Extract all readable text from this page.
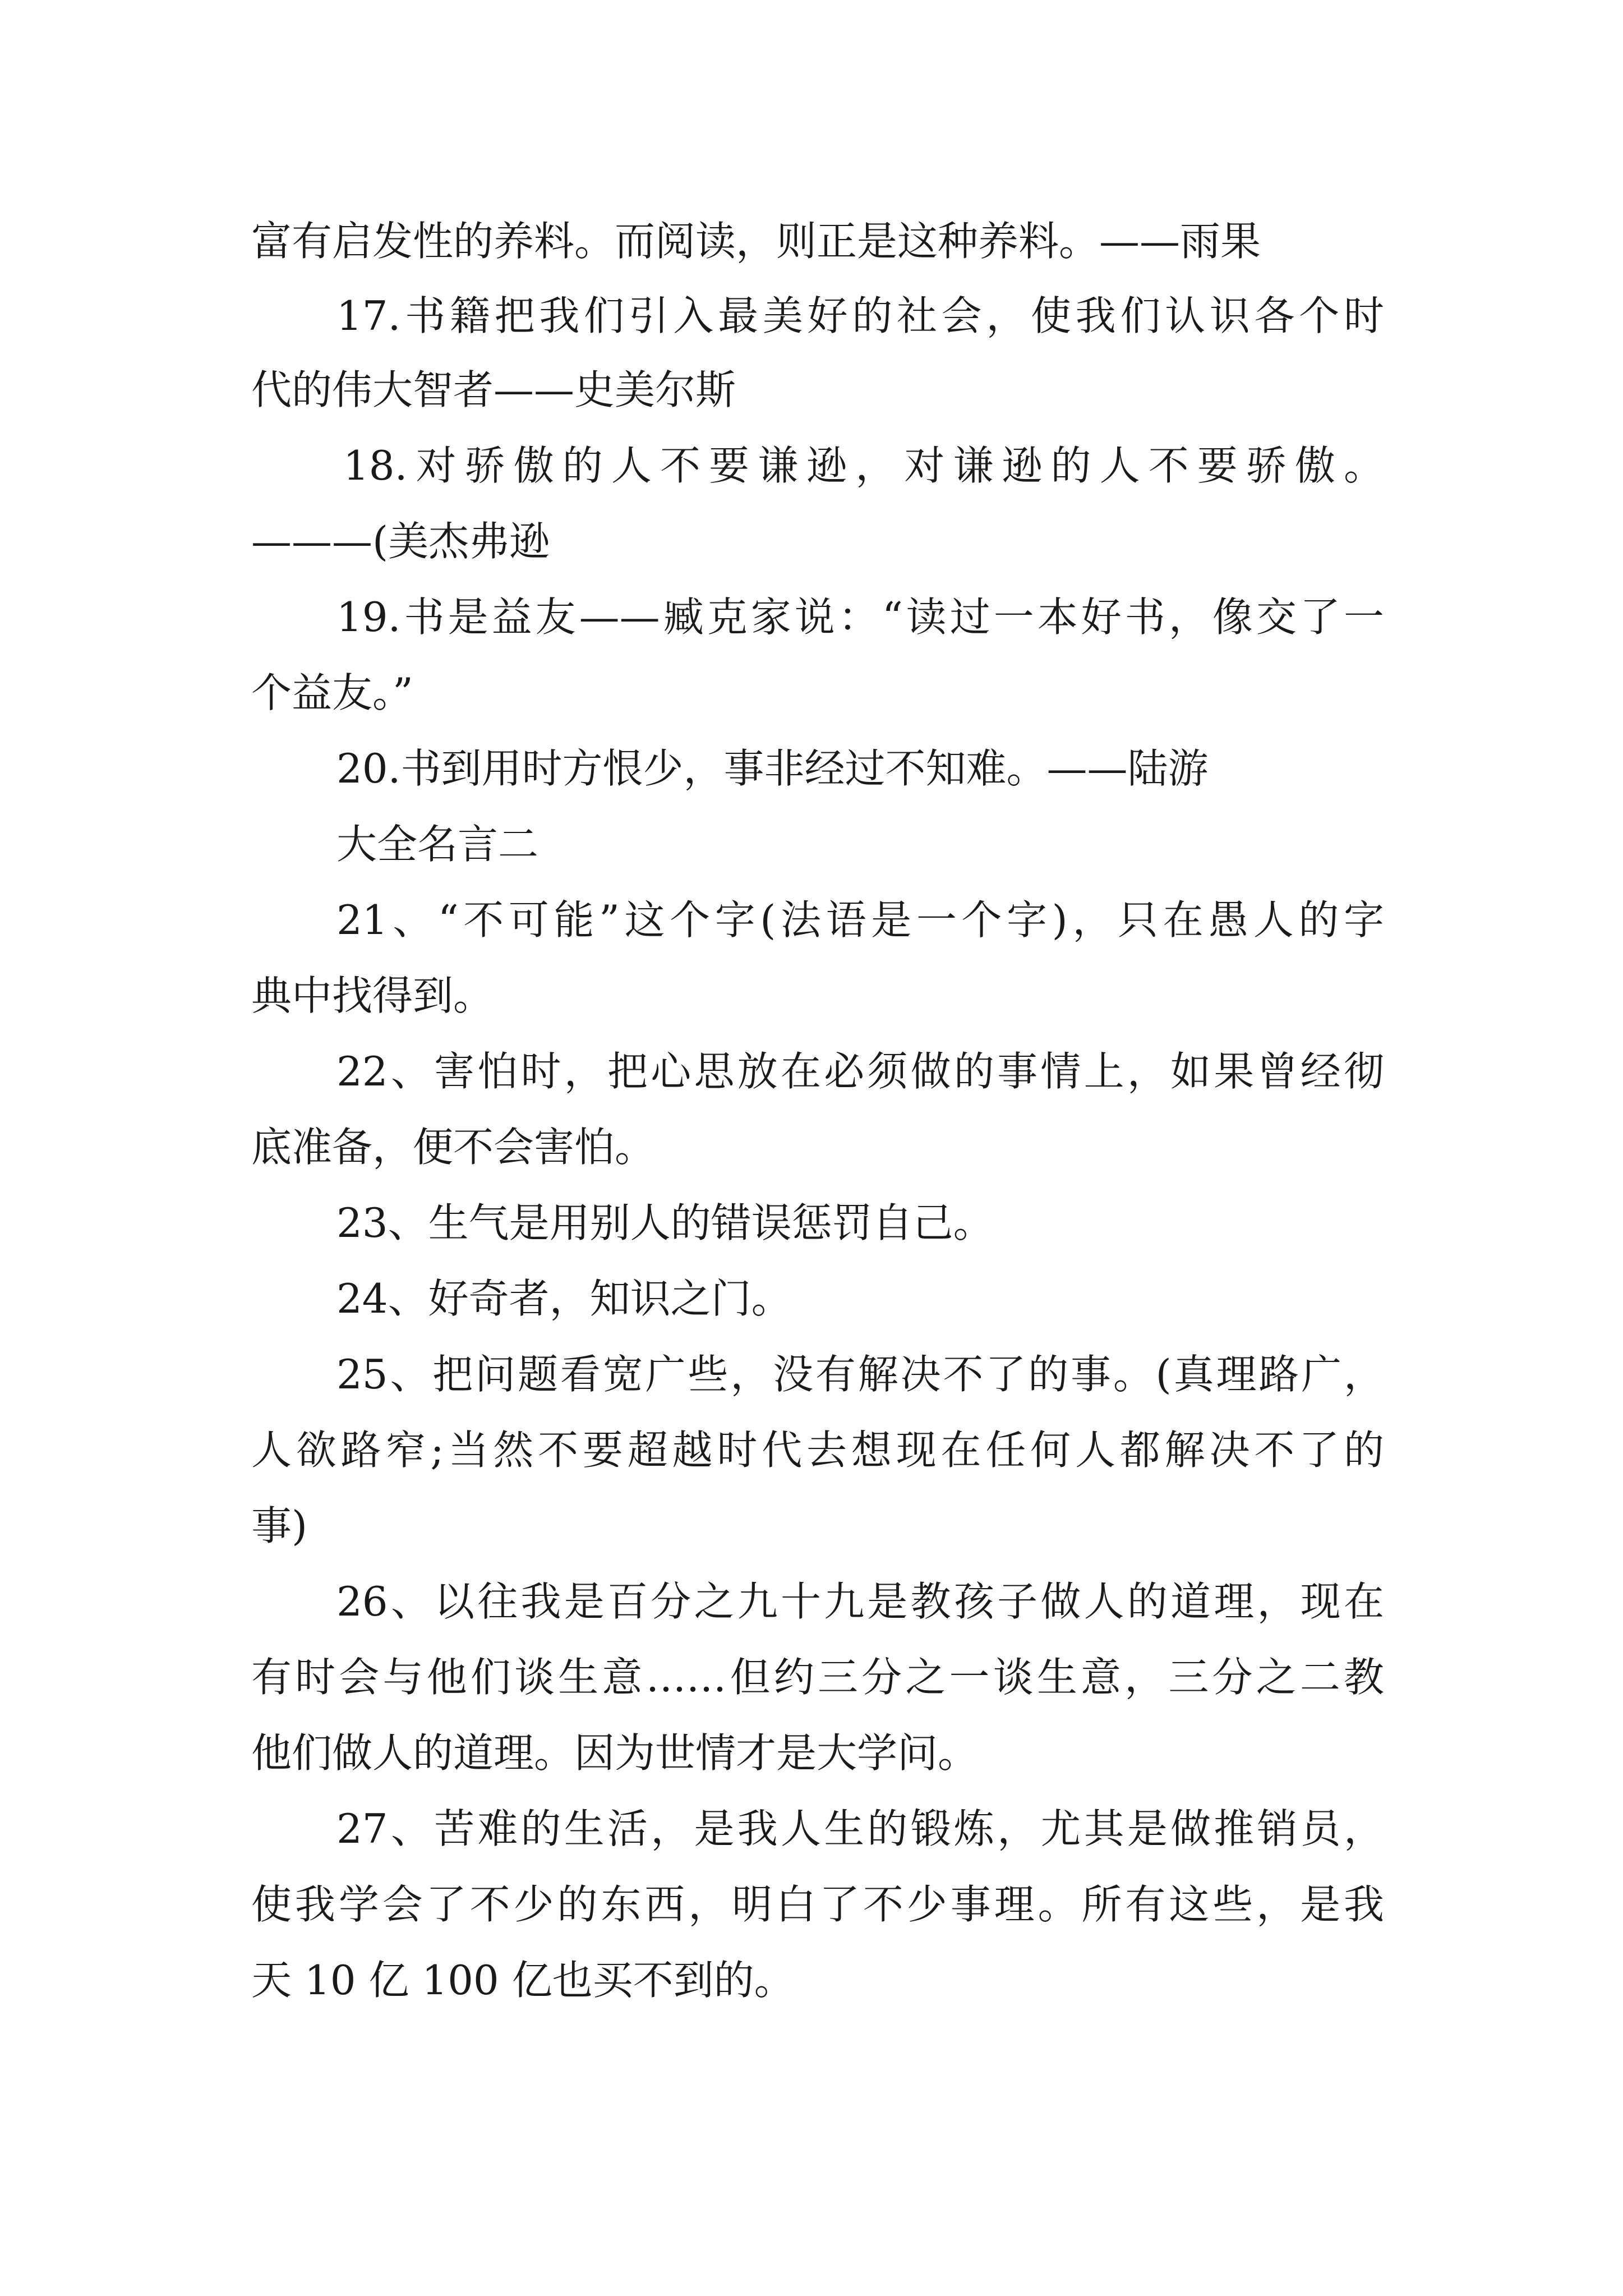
富有启发性的养料。而阅读，则正是这种养料。——雨果
17.书籍把我们引入最美好的社会，使我们认识各个时
代的伟大智者——史美尔斯
18.对骄傲的人不要谦逊，对谦逊的人不要骄傲。
———(美杰弗逊
19.书是益友——臧克家说：“读过一本好书，像交了一
个益友。”
20.书到用时方恨少，事非经过不知难。——陆游
大全名言二
21、“不可能”这个字(法语是一个字)，只在愚人的字
典中找得到。
22、害怕时，把心思放在必须做的事情上，如果曾经彻
底准备，便不会害怕。
23、生气是用别人的错误惩罚自己。
24、好奇者，知识之门。
25、把问题看宽广些，没有解决不了的事。(真理路广，
人欲路窄;当然不要超越时代去想现在任何人都解决不了的
事)
26、以往我是百分之九十九是教孩子做人的道理，现在
有时会与他们谈生意……但约三分之一谈生意，三分之二教
他们做人的道理。因为世情才是大学问。
27、苦难的生活，是我人生的锻炼，尤其是做推销员，
使我学会了不少的东西，明白了不少事理。所有这些，是我
天 10 亿 100 亿也买不到的。
